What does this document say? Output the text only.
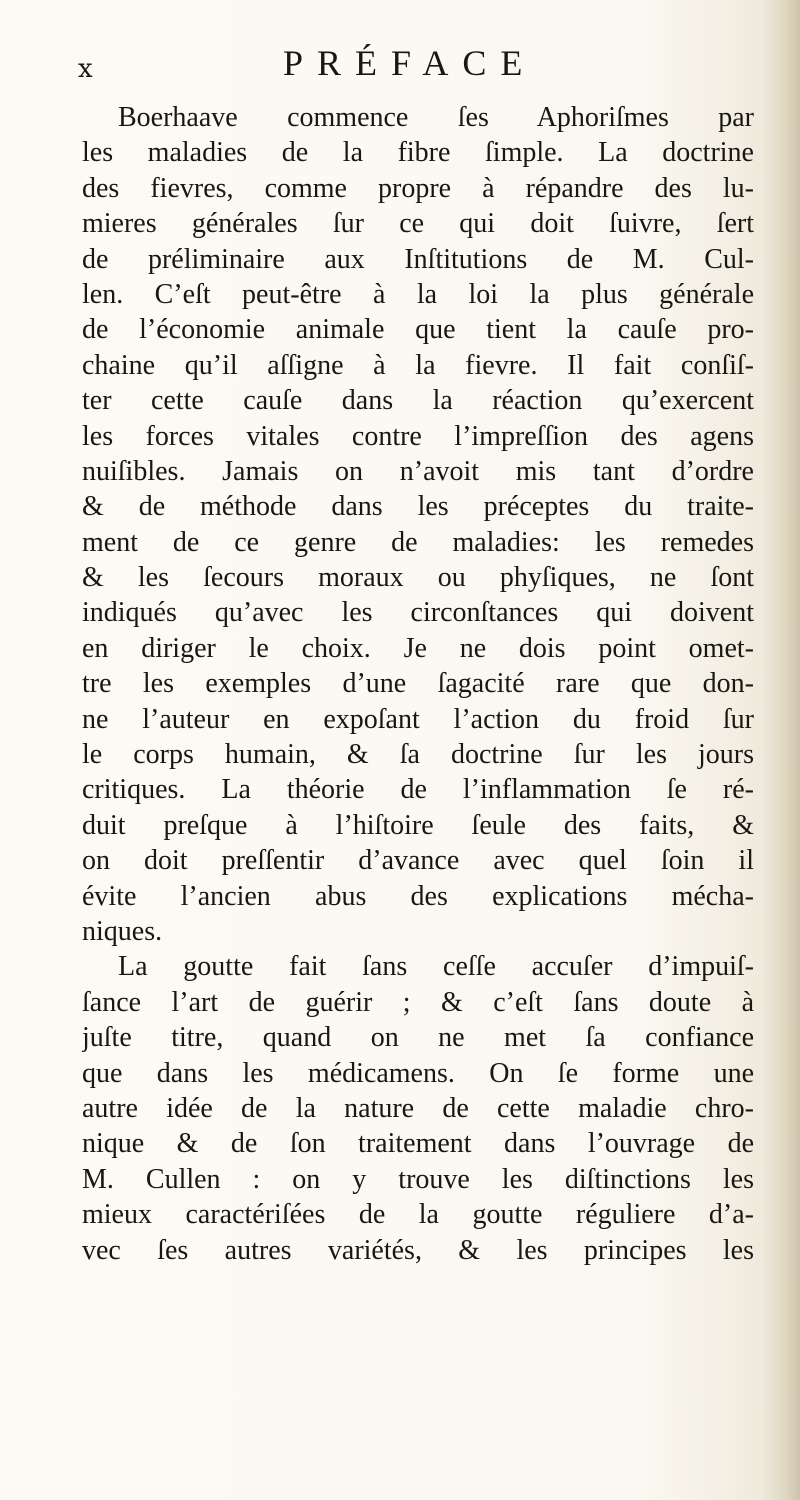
x	PRÉFACE
Boerhaave commence ſes Aphoriſmes par
les maladies de la fibre ſimple. La doctrine
des fievres, comme propre à répandre des lu-
mieres générales ſur ce qui doit ſuivre, ſert
de préliminaire aux Inſtitutions de M. Cul-
len. C’eſt peut-être à la loi la plus générale
de l’économie animale que tient la cauſe pro-
chaine qu’il aſſigne à la fievre. Il fait conſiſ-
ter cette cauſe dans la réaction qu’exercent
les forces vitales contre l’impreſſion des agens
nuiſibles. Jamais on n’avoit mis tant d’ordre
& de méthode dans les préceptes du traite-
ment de ce genre de maladies: les remedes
& les ſecours moraux ou phyſiques, ne ſont
indiqués qu’avec les circonſtances qui doivent
en diriger le choix. Je ne dois point omet-
tre les exemples d’une ſagacité rare que don-
ne l’auteur en expoſant l’action du froid ſur
le corps humain, & ſa doctrine ſur les jours
critiques. La théorie de l’inflammation ſe ré-
duit preſque à l’hiſtoire ſeule des faits, &
on doit preſſentir d’avance avec quel ſoin il
évite l’ancien abus des explications mécha-
niques.
La goutte fait ſans ceſſe accuſer d’impuiſ-
ſance l’art de guérir ; & c’eſt ſans doute à
juſte titre, quand on ne met ſa confiance
que dans les médicamens. On ſe forme une
autre idée de la nature de cette maladie chro-
nique & de ſon traitement dans l’ouvrage de
M. Cullen : on y trouve les diſtinctions les
mieux caractériſées de la goutte réguliere d’a-
vec ſes autres variétés, & les principes les
